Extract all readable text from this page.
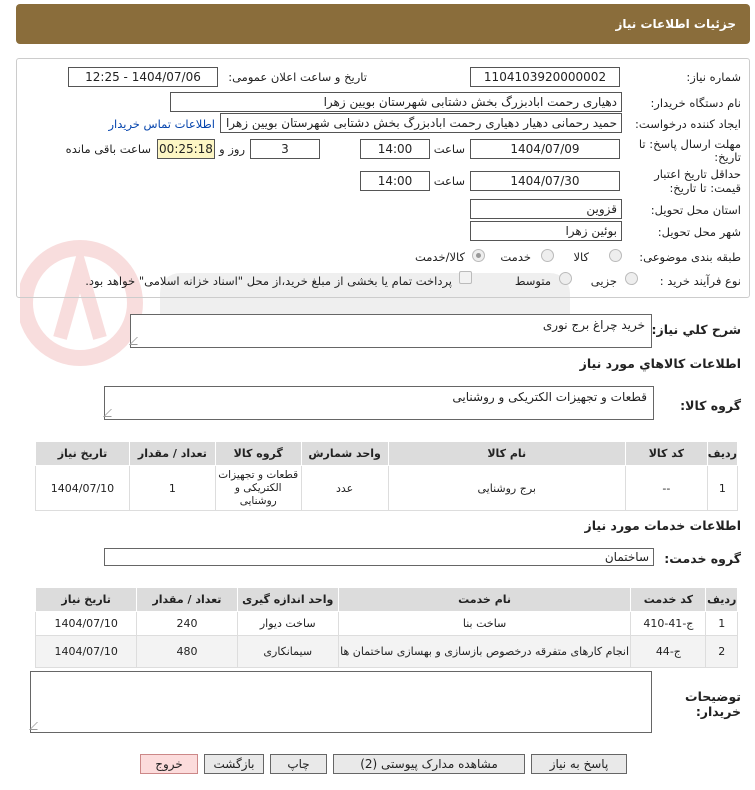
جزئیات اطلاعات نیاز
شماره نیاز:
1104103920000002
تاریخ و ساعت اعلان عمومی:
1404/07/06 - 12:25
نام دستگاه خریدار:
دهیاری رحمت ابادبزرگ بخش دشتابی شهرستان بویین زهرا
ایجاد کننده درخواست:
حمید رحمانی دهیار دهیاری رحمت ابادبزرگ بخش دشتابی شهرستان بویین زهرا
اطلاعات تماس خریدار
مهلت ارسال پاسخ: تا
تاریخ:
1404/07/09
ساعت
14:00
3
روز و
00:25:18
ساعت باقی مانده
حداقل تاریخ اعتبار
قیمت: تا تاریخ:
1404/07/30
ساعت
14:00
استان محل تحویل:
قزوین
شهر محل تحویل:
بوئین زهرا
طبقه بندی موضوعی:
کالا
خدمت
کالا/خدمت
نوع فرآیند خرید :
جزیی
متوسط
پرداخت تمام یا بخشی از مبلغ خرید،از محل "اسناد خزانه اسلامی" خواهد بود.
شرح کلي نياز:
خرید چراغ برج نوری
اطلاعات کالاهاي مورد نياز
گروه کالا:
قطعات و تجهیزات الکتریکی و روشنایی
ردیف	کد کالا	نام کالا	واحد شمارش	گروه کالا	تعداد / مقدار	تاریخ نیاز
1	--	برج روشنایی	عدد	قطعات و تجهیزات الکتریکی و روشنایی	1	1404/07/10
اطلاعات خدمات مورد نياز
گروه خدمت:
ساختمان
ردیف	کد خدمت	نام خدمت	واحد اندازه گیری	تعداد / مقدار	تاریخ نیاز
1	ج-41-410	ساخت بنا	ساخت دیوار	240	1404/07/10
2	ج-44	انجام کارهای متفرقه درخصوص بازسازی و بهسازی ساختمان ها	سیمانکاری	480	1404/07/10
توضیحات
خریدار:
پاسخ به نیاز
مشاهده مدارک پیوستی (2)
چاپ
بازگشت
خروج
